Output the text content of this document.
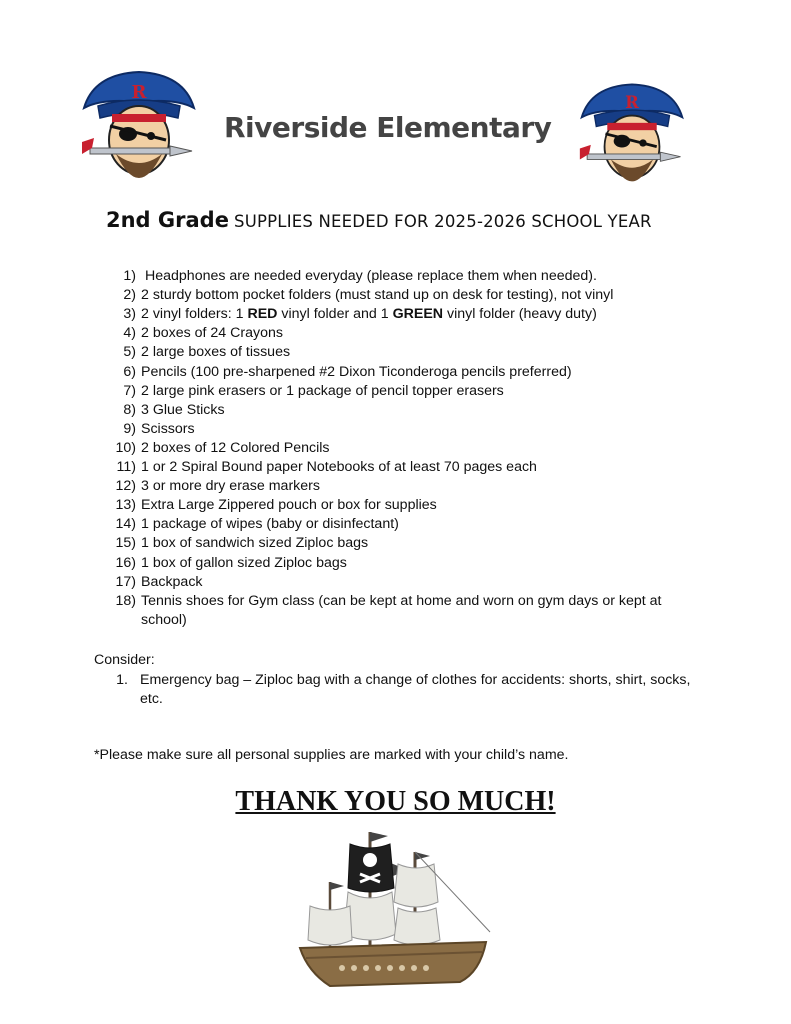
R
Riverside Elementary
R
2nd Grade SUPPLIES NEEDED FOR 2025-2026 SCHOOL YEAR
1) Headphones are needed everyday (please replace them when needed).
2) 2 sturdy bottom pocket folders (must stand up on desk for testing), not vinyl
3) 2 vinyl folders: 1 RED vinyl folder and 1 GREEN vinyl folder (heavy duty)
4) 2 boxes of 24 Crayons
5) 2 large boxes of tissues
6) Pencils (100 pre-sharpened #2 Dixon Ticonderoga pencils preferred)
7) 2 large pink erasers or 1 package of pencil topper erasers
8) 3 Glue Sticks
9) Scissors
10) 2 boxes of 12 Colored Pencils
11) 1 or 2 Spiral Bound paper Notebooks of at least 70 pages each
12) 3 or more dry erase markers
13) Extra Large Zippered pouch or box for supplies
14) 1 package of wipes (baby or disinfectant)
15) 1 box of sandwich sized Ziploc bags
16) 1 box of gallon sized Ziploc bags
17) Backpack
18) Tennis shoes for Gym class (can be kept at home and worn on gym days or kept at
school)
Consider:
1. Emergency bag – Ziploc bag with a change of clothes for accidents: shorts, shirt, socks,
etc.
*Please make sure all personal supplies are marked with your child’s name.
THANK YOU SO MUCH!
